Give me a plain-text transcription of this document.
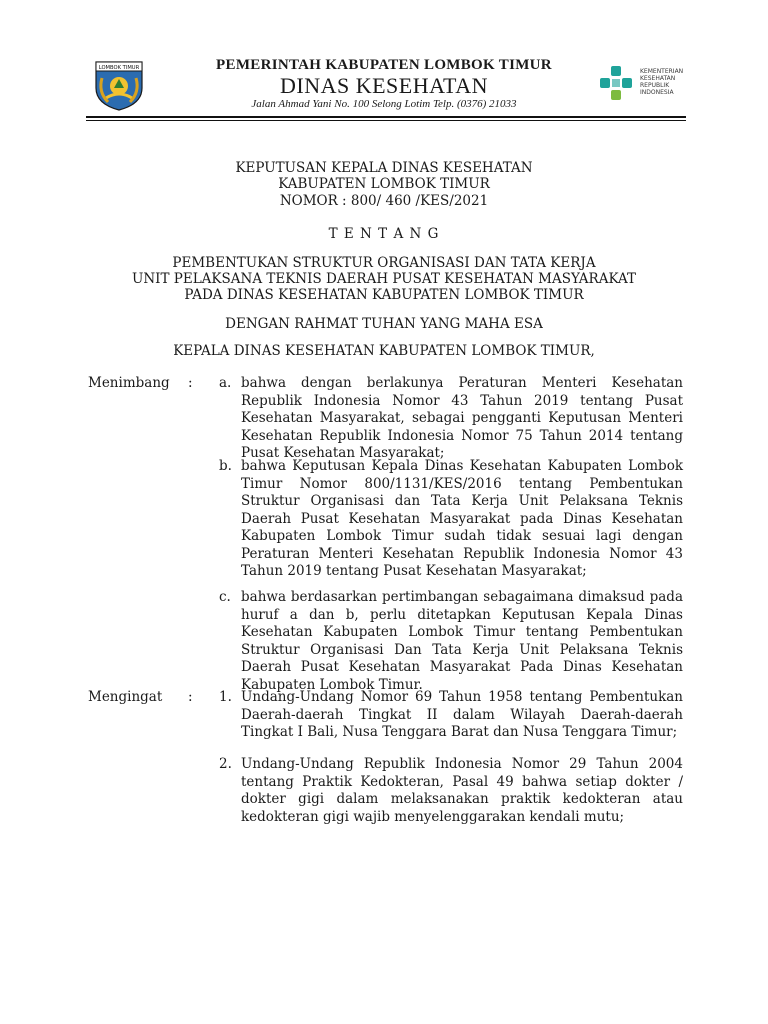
LOMBOK TIMUR	PEMERINTAH KABUPATEN LOMBOK TIMUR
DINAS KESEHATAN
Jalan Ahmad Yani No. 100 Selong Lotim Telp. (0376) 21033
KEMENTERIAN
KESEHATAN
REPUBLIK
INDONESIA
KEPUTUSAN KEPALA DINAS KESEHATAN
KABUPATEN LOMBOK TIMUR
NOMOR : 800/ 460 /KES/2021
T E N T A N G
PEMBENTUKAN STRUKTUR ORGANISASI DAN TATA KERJA
UNIT PELAKSANA TEKNIS DAERAH PUSAT KESEHATAN MASYARAKAT
PADA DINAS KESEHATAN KABUPATEN LOMBOK TIMUR
DENGAN RAHMAT TUHAN YANG MAHA ESA
KEPALA DINAS KESEHATAN KABUPATEN LOMBOK TIMUR,
Menimbang : a. bahwa dengan berlakunya Peraturan Menteri Kesehatan Republik Indonesia Nomor 43 Tahun 2019 tentang Pusat Kesehatan Masyarakat, sebagai pengganti Keputusan Menteri Kesehatan Republik Indonesia Nomor 75 Tahun 2014 tentang Pusat Kesehatan Masyarakat;
b. bahwa Keputusan Kepala Dinas Kesehatan Kabupaten Lombok Timur Nomor 800/1131/KES/2016 tentang Pembentukan Struktur Organisasi dan Tata Kerja Unit Pelaksana Teknis Daerah Pusat Kesehatan Masyarakat pada Dinas Kesehatan Kabupaten Lombok Timur sudah tidak sesuai lagi dengan Peraturan Menteri Kesehatan Republik Indonesia Nomor 43 Tahun 2019 tentang Pusat Kesehatan Masyarakat;
c. bahwa berdasarkan pertimbangan sebagaimana dimaksud pada huruf a dan b, perlu ditetapkan Keputusan Kepala Dinas Kesehatan Kabupaten Lombok Timur tentang Pembentukan Struktur Organisasi Dan Tata Kerja Unit Pelaksana Teknis Daerah Pusat Kesehatan Masyarakat Pada Dinas Kesehatan Kabupaten Lombok Timur.
Mengingat : 1. Undang-Undang Nomor 69 Tahun 1958 tentang Pembentukan Daerah-daerah Tingkat II dalam Wilayah Daerah-daerah Tingkat I Bali, Nusa Tenggara Barat dan Nusa Tenggara Timur;
2. Undang-Undang Republik Indonesia Nomor 29 Tahun 2004 tentang Praktik Kedokteran, Pasal 49 bahwa setiap dokter / dokter gigi dalam melaksanakan praktik kedokteran atau kedokteran gigi wajib menyelenggarakan kendali mutu;
